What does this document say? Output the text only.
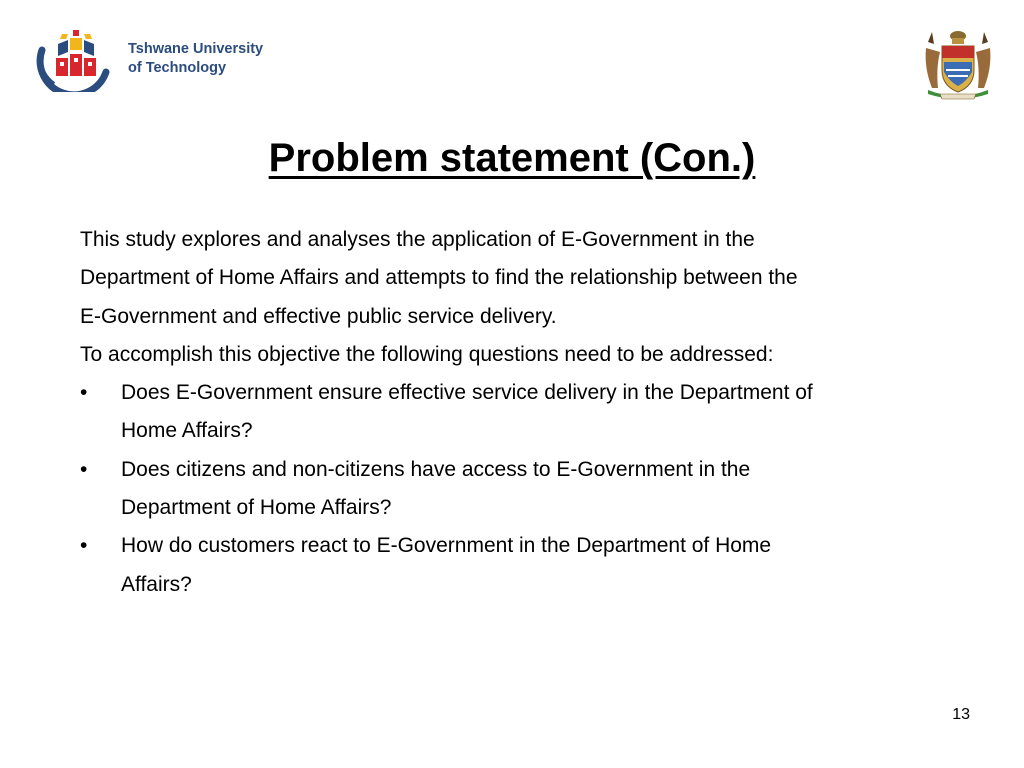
Tshwane University
of Technology
Problem statement (Con.)

This study explores and analyses the application of E-Government in the
Department of Home Affairs and attempts to find the relationship between the
E-Government and effective public service delivery.

To accomplish this objective the following questions need to be addressed:

•	Does E-Government ensure effective service delivery in the Department of
Home Affairs?
•	Does citizens and non-citizens have access to E-Government in the
Department of Home Affairs?
•	How do customers react to E-Government in the Department of Home
Affairs?
13
